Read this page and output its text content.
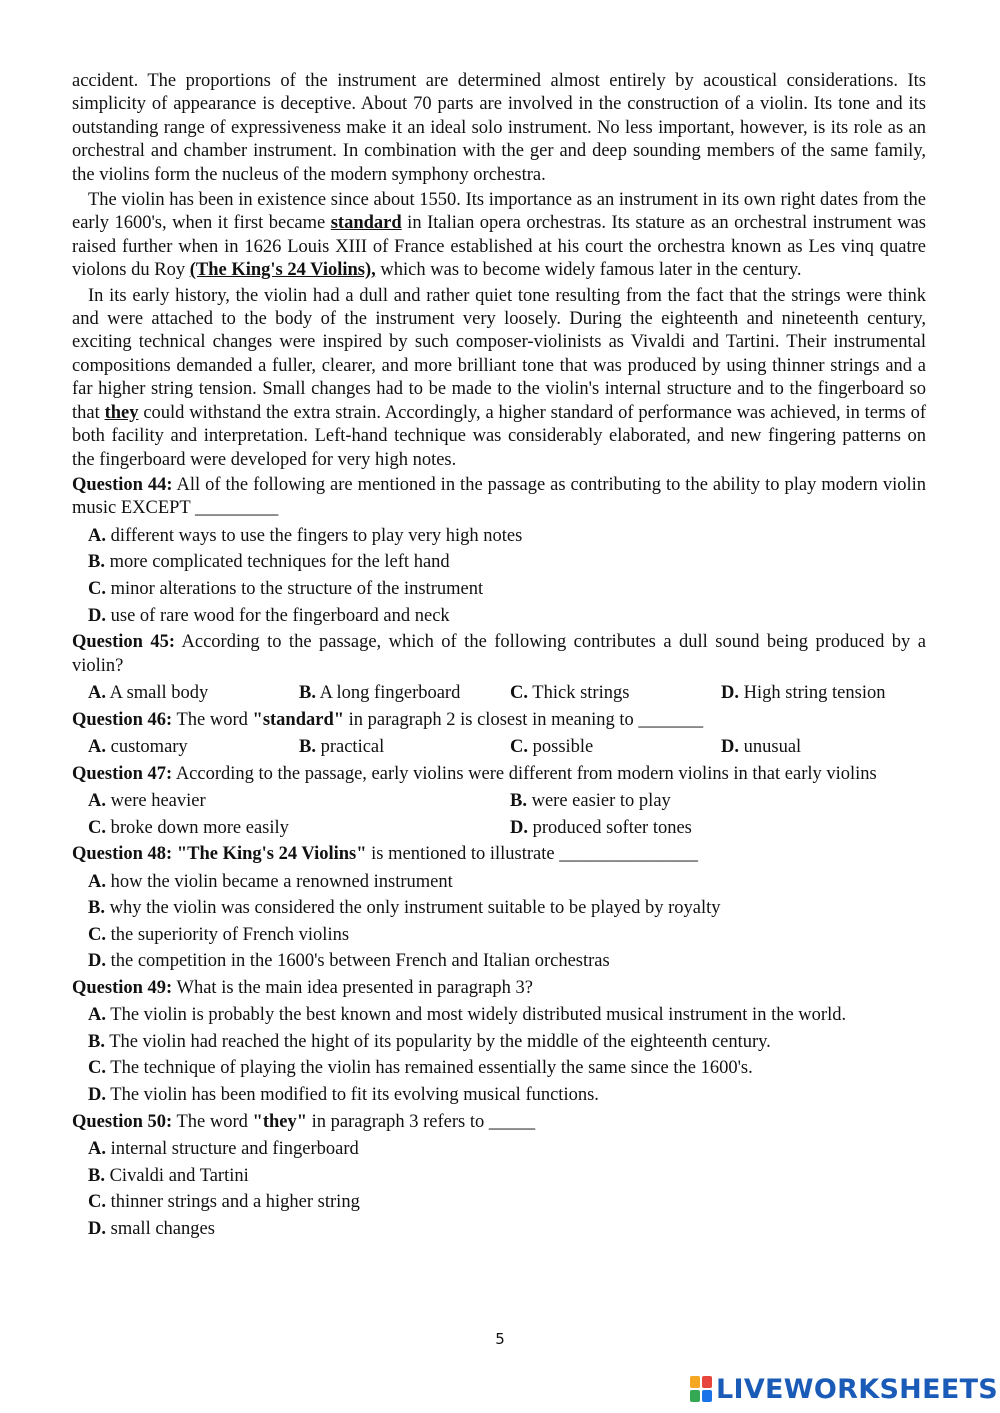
accident. The proportions of the instrument are determined almost entirely by acoustical considerations. Its simplicity of appearance is deceptive. About 70 parts are involved in the construction of a violin. Its tone and its outstanding range of expressiveness make it an ideal solo instrument. No less important, however, is its role as an orchestral and chamber instrument. In combination with the ger and deep sounding members of the same family, the violins form the nucleus of the modern symphony orchestra.

The violin has been in existence since about 1550. Its importance as an instrument in its own right dates from the early 1600's, when it first became standard in Italian opera orchestras. Its stature as an orchestral instrument was raised further when in 1626 Louis XIII of France established at his court the orchestra known as Les vinq quatre violons du Roy (The King's 24 Violins), which was to become widely famous later in the century.

In its early history, the violin had a dull and rather quiet tone resulting from the fact that the strings were think and were attached to the body of the instrument very loosely. During the eighteenth and nineteenth century, exciting technical changes were inspired by such composer-violinists as Vivaldi and Tartini. Their instrumental compositions demanded a fuller, clearer, and more brilliant tone that was produced by using thinner strings and a far higher string tension. Small changes had to be made to the violin's internal structure and to the fingerboard so that they could withstand the extra strain. Accordingly, a higher standard of performance was achieved, in terms of both facility and interpretation. Left-hand technique was considerably elaborated, and new fingering patterns on the fingerboard were developed for very high notes.

Question 44: All of the following are mentioned in the passage as contributing to the ability to play modern violin music EXCEPT _________

A. different ways to use the fingers to play very high notes
B. more complicated techniques for the left hand
C. minor alterations to the structure of the instrument
D. use of rare wood for the fingerboard and neck

Question 45: According to the passage, which of the following contributes a dull sound being produced by a violin?

A. A small body	B. A long fingerboard	C. Thick strings	D. High string tension

Question 46: The word "standard" in paragraph 2 is closest in meaning to _______

A. customary	B. practical	C. possible	D. unusual

Question 47: According to the passage, early violins were different from modern violins in that early violins

A. were heavier	B. were easier to play
C. broke down more easily	D. produced softer tones

Question 48: "The King's 24 Violins" is mentioned to illustrate _______________

A. how the violin became a renowned instrument
B. why the violin was considered the only instrument suitable to be played by royalty
C. the superiority of French violins
D. the competition in the 1600's between French and Italian orchestras

Question 49: What is the main idea presented in paragraph 3?

A. The violin is probably the best known and most widely distributed musical instrument in the world.
B. The violin had reached the hight of its popularity by the middle of the eighteenth century.
C. The technique of playing the violin has remained essentially the same since the 1600's.
D. The violin has been modified to fit its evolving musical functions.

Question 50: The word "they" in paragraph 3 refers to _____

A. internal structure and fingerboard
B. Civaldi and Tartini
C. thinner strings and a higher string
D. small changes
5
LIVEWORKSHEETS
